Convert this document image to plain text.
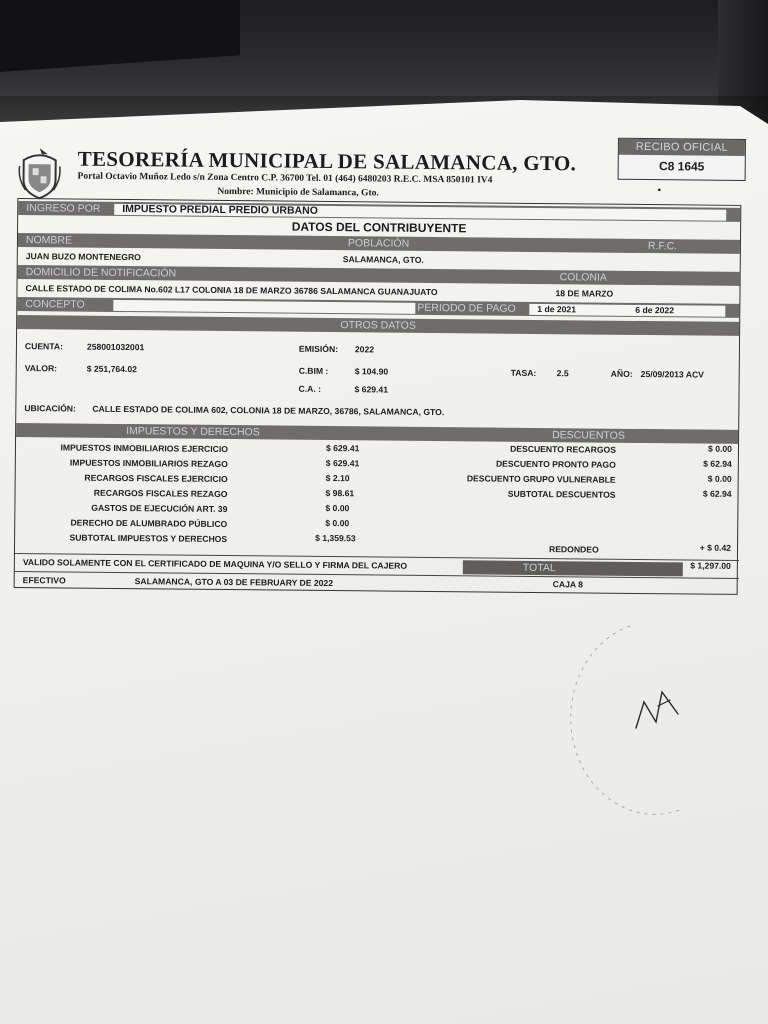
TESORERÍA MUNICIPAL DE SALAMANCA, GTO.
Portal Octavio Muñoz Ledo s/n Zona Centro C.P. 36700 Tel. 01 (464) 6480203 R.E.C. MSA 850101 IV4
Nombre: Municipio de Salamanca, Gto.
RECIBO OFICIAL
C8 1645
•
INGRESO POR	IMPUESTO PREDIAL PREDIO URBANO
DATOS DEL CONTRIBUYENTE
NOMBRE	POBLACIÓN	R.F.C.
JUAN BUZO MONTENEGRO	SALAMANCA, GTO.
DOMICILIO DE NOTIFICACIÓN	COLONIA
CALLE ESTADO DE COLIMA No.602 L17 COLONIA 18 DE MARZO 36786 SALAMANCA GUANAJUATO	18 DE MARZO
CONCEPTO	PERIODO DE PAGO 1 de 2021	6 de 2022
OTROS DATOS
CUENTA:	258001032001	EMISIÓN: 2022
VALOR:	$ 251,764.02	C.BIM :	$ 104.90	TASA: 2.5	AÑO: 25/09/2013 ACV
C.A. :	$ 629.41
UBICACIÓN: CALLE ESTADO DE COLIMA 602, COLONIA 18 DE MARZO, 36786, SALAMANCA, GTO.
IMPUESTOS Y DERECHOS	DESCUENTOS
IMPUESTOS INMOBILIARIOS EJERCICIO	$ 629.41
IMPUESTOS INMOBILIARIOS REZAGO	$ 629.41
RECARGOS FISCALES EJERCICIO	$ 2.10
RECARGOS FISCALES REZAGO	$ 98.61
GASTOS DE EJECUCIÓN ART. 39	$ 0.00
DERECHO DE ALUMBRADO PÚBLICO	$ 0.00
SUBTOTAL IMPUESTOS Y DERECHOS	$ 1,359.53
DESCUENTO RECARGOS	$ 0.00
DESCUENTO PRONTO PAGO	$ 62.94
DESCUENTO GRUPO VULNERABLE	$ 0.00
SUBTOTAL DESCUENTOS	$ 62.94
REDONDEO	+ $ 0.42
VALIDO SOLAMENTE CON EL CERTIFICADO DE MAQUINA Y/O SELLO Y FIRMA DEL CAJERO	TOTAL	$ 1,297.00
EFECTIVO	SALAMANCA, GTO A 03 DE FEBRUARY DE 2022	CAJA 8
